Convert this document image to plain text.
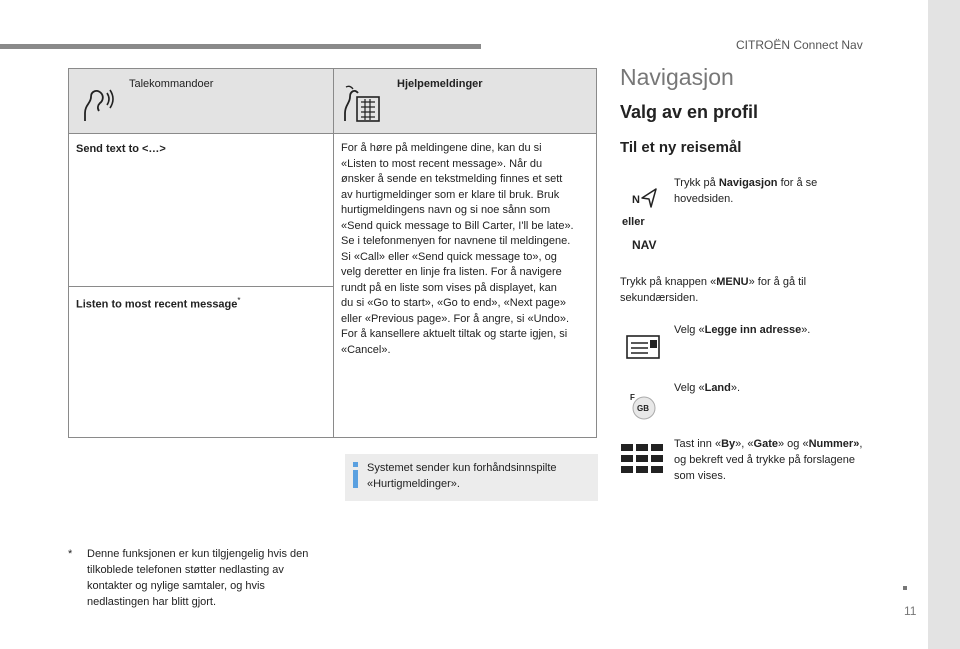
CITROËN Connect Nav
11
Talekommandoer	Hjelpemeldinger
Send text to <…>
Listen to most recent message*
For å høre på meldingene dine, kan du si
«Listen to most recent message». Når du
ønsker å sende en tekstmelding finnes et sett
av hurtigmeldinger som er klare til bruk. Bruk
hurtigmeldingens navn og si noe sånn som
«Send quick message to Bill Carter, I'll be late».
Se i telefonmenyen for navnene til meldingene.
Si «Call» eller «Send quick message to», og
velg deretter en linje fra listen. For å navigere
rundt på en liste som vises på displayet, kan
du si «Go to start», «Go to end», «Next page»
eller «Previous page». For å angre, si «Undo».
For å kansellere aktuelt tiltak og starte igjen, si
«Cancel».
Systemet sender kun forhåndsinnspilte «Hurtigmeldinger».
* Denne funksjonen er kun tilgjengelig hvis den tilkoblede telefonen støtter nedlasting av kontakter og nylige samtaler, og hvis nedlastingen har blitt gjort.
Navigasjon
Valg av en profil
Til et ny reisemål
N
eller
NAV
Trykk på Navigasjon for å se hovedsiden.
Trykk på knappen «MENU» for å gå til sekundærsiden.
Velg «Legge inn adresse».
F
GB
Velg «Land».
Tast inn «By», «Gate» og «Nummer», og bekreft ved å trykke på forslagene som vises.
